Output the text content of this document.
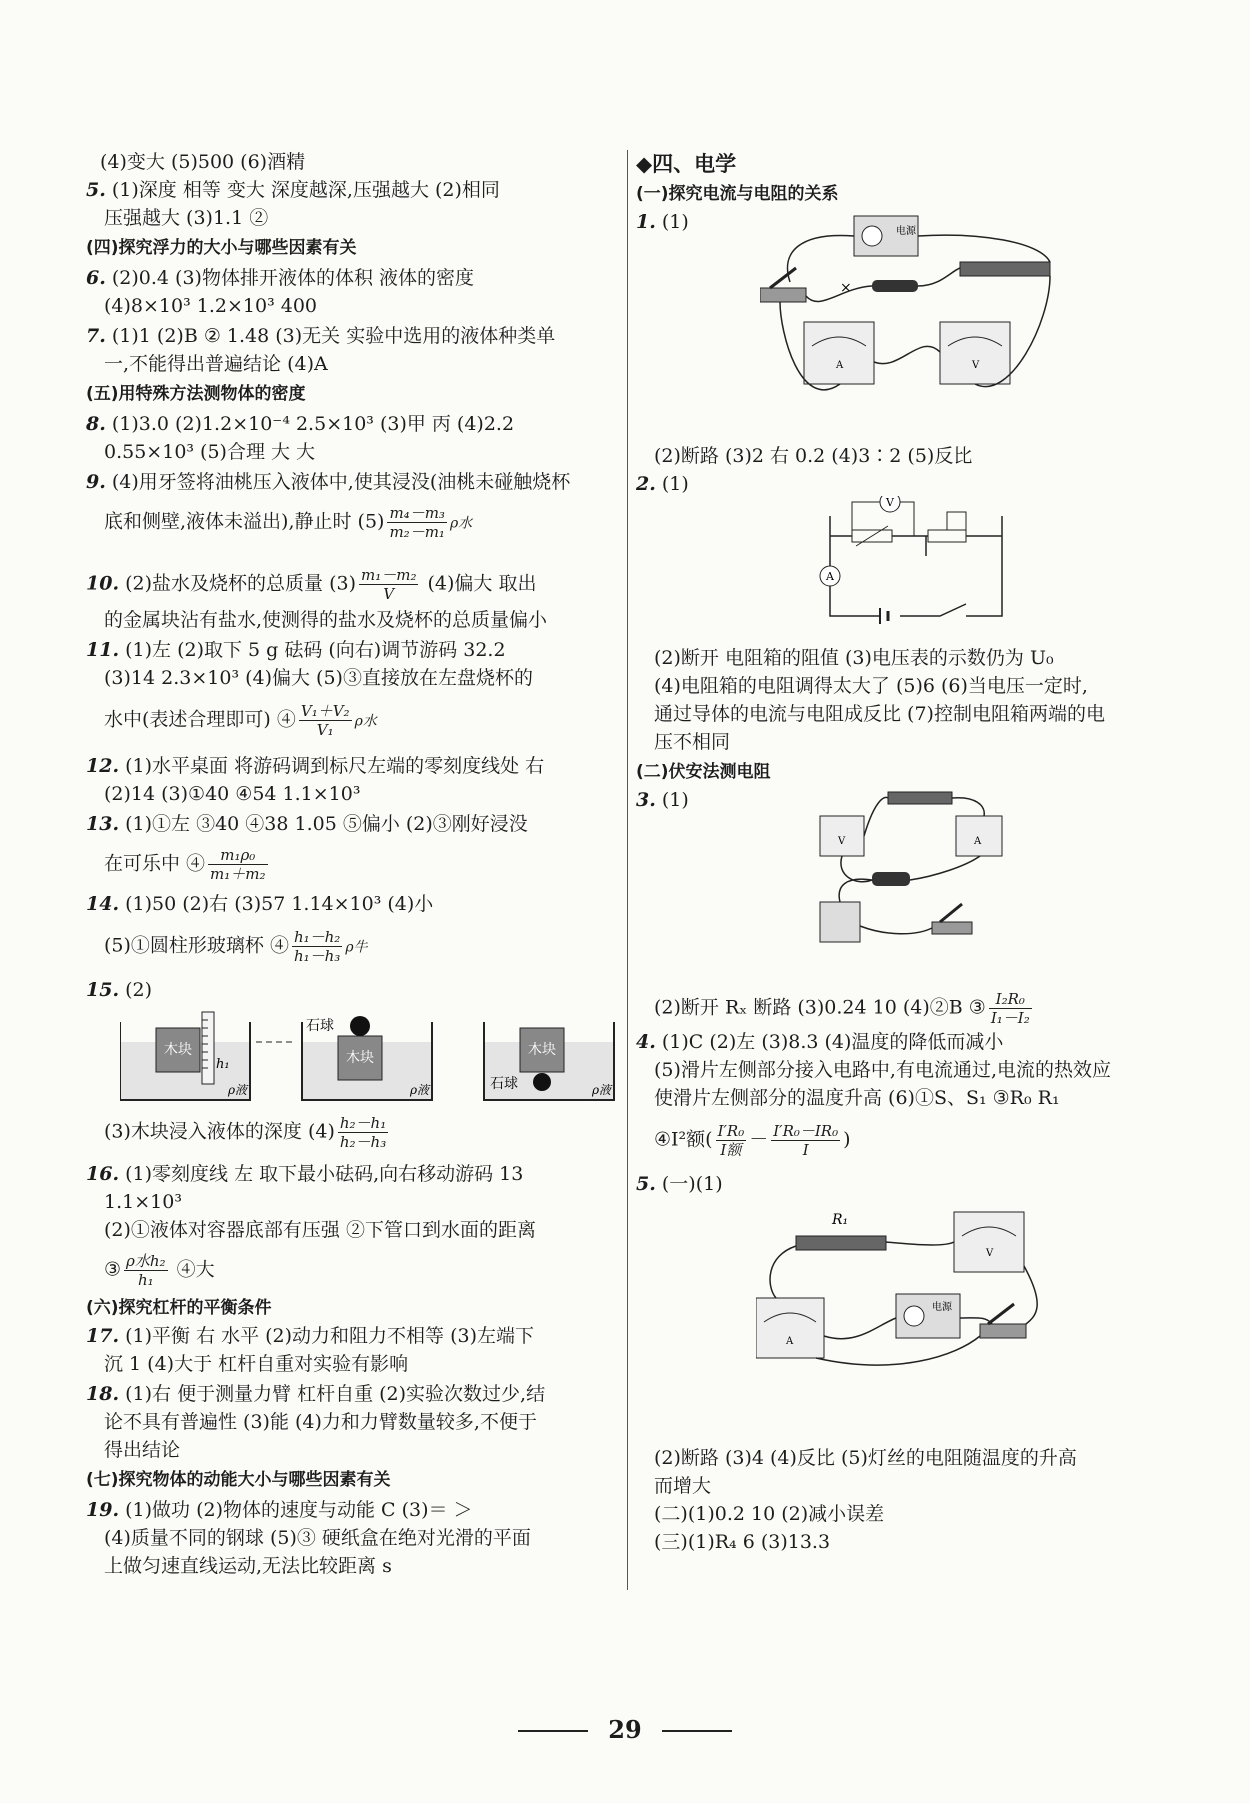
(4)变大 (5)500 (6)酒精
5. (1)深度 相等 变大 深度越深,压强越大 (2)相同
压强越大 (3)1.1 ②
(四)探究浮力的大小与哪些因素有关
6. (2)0.4 (3)物体排开液体的体积 液体的密度
(4)8×10³ 1.2×10³ 400
7. (1)1 (2)B ② 1.48 (3)无关 实验中选用的液体种类单
一,不能得出普遍结论 (4)A
(五)用特殊方法测物体的密度
8. (1)3.0 (2)1.2×10⁻⁴ 2.5×10³ (3)甲 丙 (4)2.2
0.55×10³ (5)合理 大 大
9. (4)用牙签将油桃压入液体中,使其浸没(油桃未碰触烧杯
底和侧壁,液体未溢出),静止时 $(5) \frac{\text{m₄－m₃}}{\text{m₂－m₁}}$ ρ水
10. (2)盐水及烧杯的总质量 $(3) \frac{\text{m₁－m₂}}{V} (4)$偏大 取出
的金属块沾有盐水,使测得的盐水及烧杯的总质量偏小
11. (1)左 (2)取下 5 g 砝码 (向右)调节游码 32.2
(3)14 2.3×10³ (4)偏大 (5)③直接放在左盘烧杯的
水中(表述合理即可) ④ $\frac{\text{V₁＋V₂}}{\text{V₁}}$ ρ水
12. (1)水平桌面 将游码调到标尺左端的零刻度线处 右
(2)14 (3)①40 ④54 1.1×10³
13. (1)①左 ③40 ④38 1.05 ⑤偏小 (2)③刚好浸没
在可乐中 ④ $\frac{\text{m₁ρ₀}}{\text{m₁＋m₂}}$
14. (1)50 (2)右 (3)57 1.14×10³ (4)小
(5)①圆柱形玻璃杯 ④ $\frac{\text{h₁－h₂}}{\text{h₁－h₃}}$ ρ牛
15. (2)
木块
h₁
ρ液
木块
石球
ρ液
木块
石球	ρ液
(3)木块浸入液体的深度 $(4) \frac{\text{h₂－h₁}}{\text{h₂－h₃}}$
16. (1)零刻度线 左 取下最小砝码,向右移动游码 13
1.1×10³
(2)①液体对容器底部有压强 ②下管口到水面的距离
③ $\frac{\text{ρ水h₂}}{\text{h₁}}$ ④大
(六)探究杠杆的平衡条件
17. (1)平衡 右 水平 (2)动力和阻力不相等 (3)左端下
沉 1 (4)大于 杠杆自重对实验有影响
18. (1)右 便于测量力臂 杠杆自重 (2)实验次数过少,结
论不具有普遍性 (3)能 (4)力和力臂数量较多,不便于
得出结论
(七)探究物体的动能大小与哪些因素有关
19. (1)做功 (2)物体的速度与动能 C (3)＝ ＞
(4)质量不同的钢球 (5)③ 硬纸盒在绝对光滑的平面
上做匀速直线运动,无法比较距离 s
◆四、电学
(一)探究电流与电阻的关系
1. (1)	电源
×
A	V
(2)断路 (3)2 右 0.2 (4)3∶2 (5)反比
2. (1)
V
A
(2)断开 电阻箱的阻值 (3)电压表的示数仍为 U₀
(4)电阻箱的电阻调得太大了 (5)6 (6)当电压一定时,
通过导体的电流与电阻成反比 (7)控制电阻箱两端的电
压不相同
(二)伏安法测电阻
3. (1)
V	A
(2)断开 Rₓ 断路 (3)0.24 10 (4)②B ③ $\frac{\text{I₂R₀}}{\text{I₁－I₂}}$
4. (1)C (2)左 (3)8.3 (4)温度的降低而减小
(5)滑片左侧部分接入电路中,有电流通过,电流的热效应
使滑片左侧部分的温度升高 (6)①S、S₁ ③R₀ R₁
④I²额( $\frac{\text{I′R₀}}{\text{I额}} - \frac{\text{I′R₀－IR₀}}{I}$ )
5. (一)(1)
R₁
V
电源
A
(2)断路 (3)4 (4)反比 (5)灯丝的电阻随温度的升高
而增大
(二)(1)0.2 10 (2)减小误差
(三)(1)R₄ 6 (3)13.3
29
